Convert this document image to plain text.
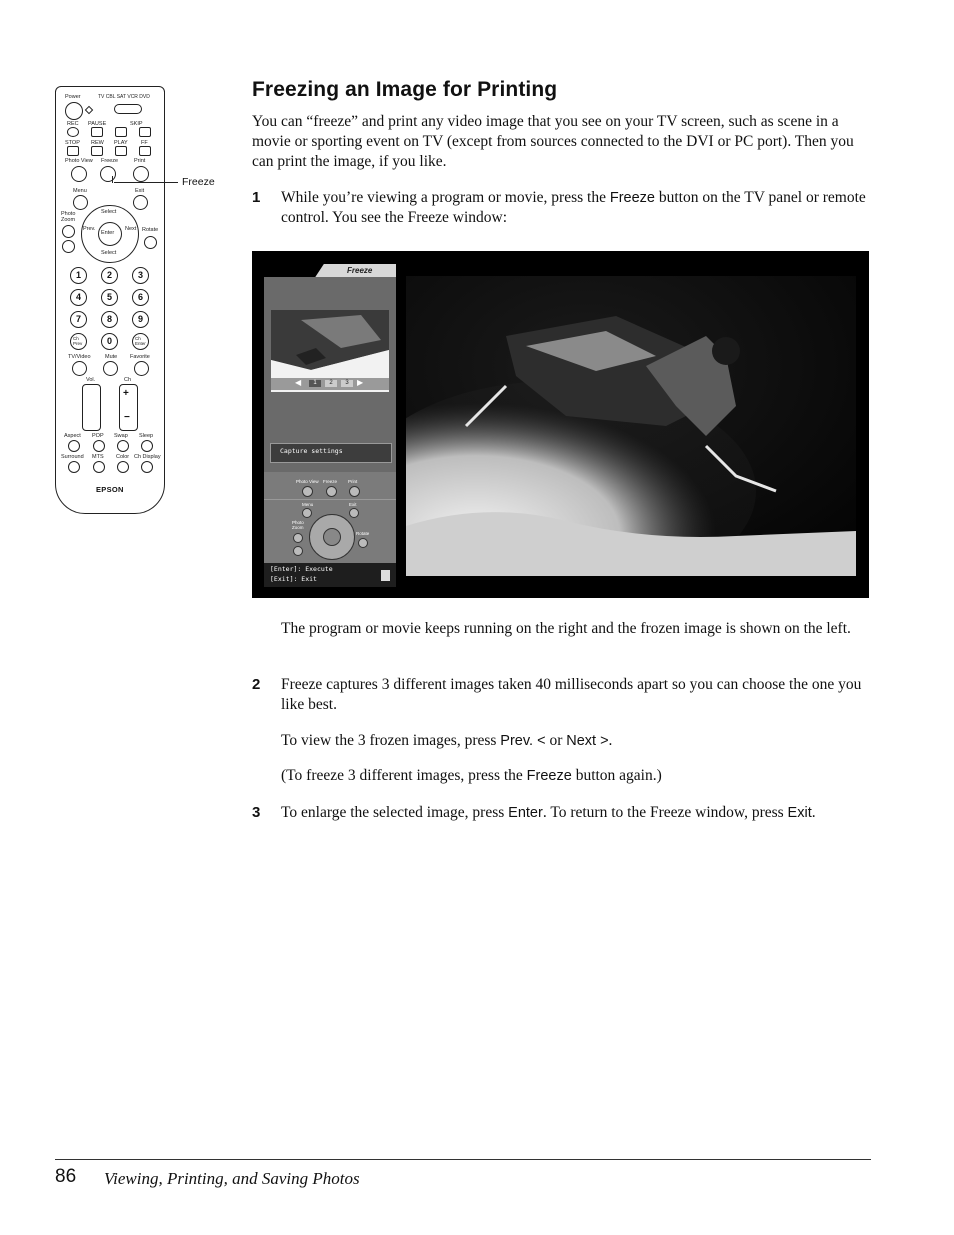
Power	TV CBL SAT VCR DVD
REC PAUSE	SKIP
STOP REW PLAY FF
Photo View Freeze	Print
Menu	Exit
Photo Zoom
Enter
Select
Select
Prev.	Next Rotate
1	2	3
4	5	6
7	8	9
Ch Prev	0	Ch Enter
TV/Video	Mute Favorite
Vol.	Ch
+
−
Aspect POP Swap Sleep
Surround MTS Color Ch Display
EPSON
Freeze
Freezing an Image for Printing

You can “freeze” and print any video image that you see on your TV screen, such as scene in a movie or sporting event on TV (except from sources connected to the DVI or PC port). Then you can print the image, if you like.

1 While you’re viewing a program or movie, press the Freeze button on the TV panel or remote control. You see the Freeze window:

Freeze
◀	1	2	3	▶
Capture settings
Photo View Freeze Print
Menu	Exit
Photo Zoom
Rotate
[Enter]: Execute
[Exit]: Exit

The program or movie keeps running on the right and the frozen image is shown on the left.

2 Freeze captures 3 different images taken 40 milliseconds apart so you can choose the one you like best.

To view the 3 frozen images, press Prev. < or Next >.

(To freeze 3 different images, press the Freeze button again.)

3 To enlarge the selected image, press Enter. To return to the Freeze window, press Exit.

86 Viewing, Printing, and Saving Photos
